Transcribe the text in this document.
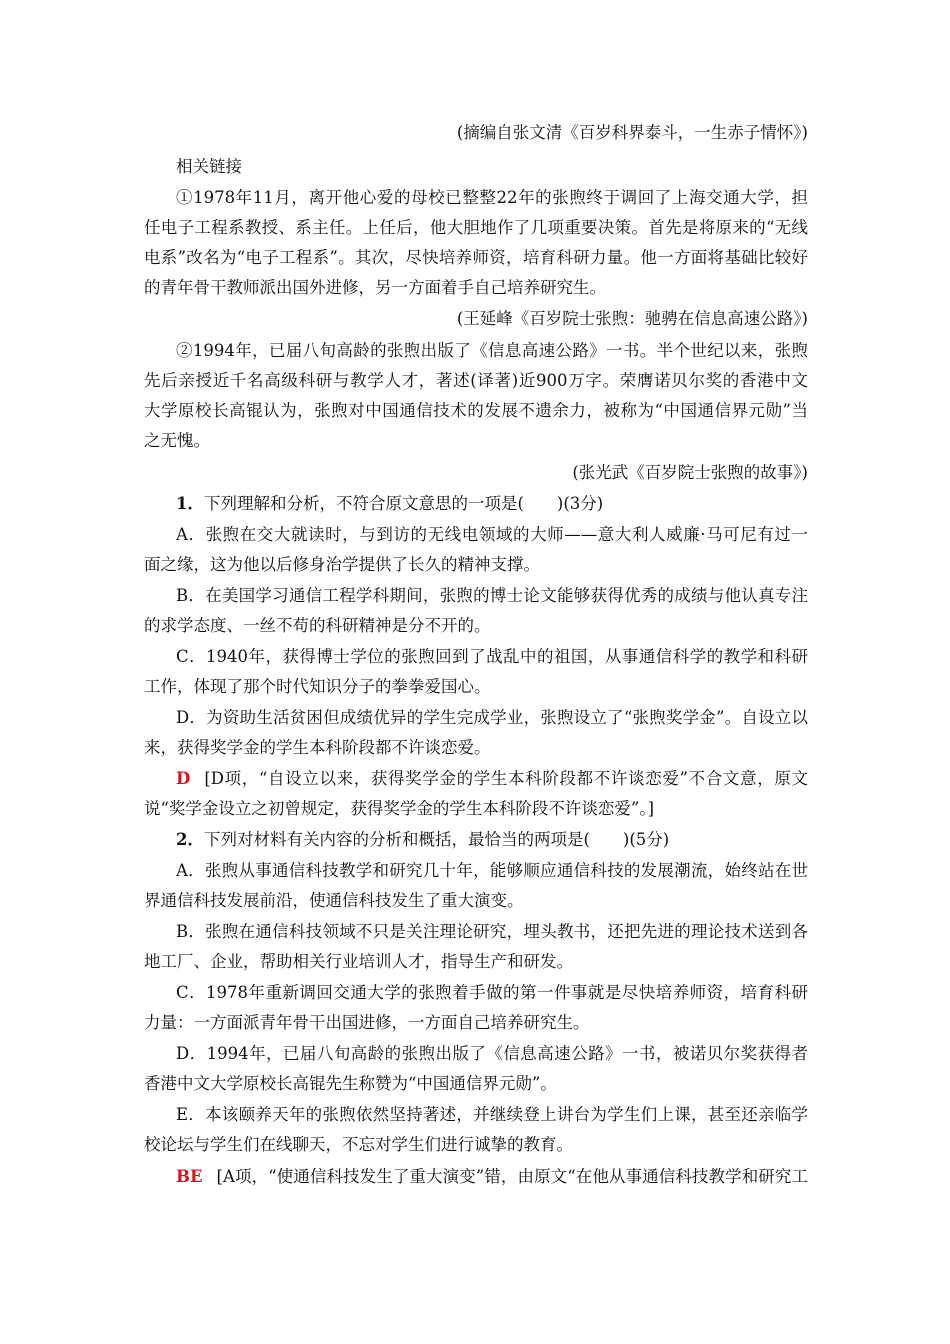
(摘编自张文清《百岁科界泰斗，一生赤子情怀》)
相关链接
①1978年11月，离开他心爱的母校已整整22年的张煦终于调回了上海交通大学，担
任电子工程系教授、系主任。上任后，他大胆地作了几项重要决策。首先是将原来的“无线
电系”改名为“电子工程系”。其次，尽快培养师资，培育科研力量。他一方面将基础比较好
的青年骨干教师派出国外进修，另一方面着手自己培养研究生。
(王延峰《百岁院士张煦：驰骋在信息高速公路》)
②1994年，已届八旬高龄的张煦出版了《信息高速公路》一书。半个世纪以来，张煦
先后亲授近千名高级科研与教学人才，著述(译著)近900万字。荣膺诺贝尔奖的香港中文
大学原校长高锟认为，张煦对中国通信技术的发展不遗余力，被称为“中国通信界元勋”当
之无愧。
(张光武《百岁院士张煦的故事》)
1．下列理解和分析，不符合原文意思的一项是(　　)(3分)
A．张煦在交大就读时，与到访的无线电领域的大师——意大利人威廉·马可尼有过一
面之缘，这为他以后修身治学提供了长久的精神支撑。
B．在美国学习通信工程学科期间，张煦的博士论文能够获得优秀的成绩与他认真专注
的求学态度、一丝不苟的科研精神是分不开的。
C．1940年，获得博士学位的张煦回到了战乱中的祖国，从事通信科学的教学和科研
工作，体现了那个时代知识分子的拳拳爱国心。
D．为资助生活贫困但成绩优异的学生完成学业，张煦设立了“张煦奖学金”。自设立以
来，获得奖学金的学生本科阶段都不许谈恋爱。
D [D项，“自设立以来，获得奖学金的学生本科阶段都不许谈恋爱”不合文意，原文
说“奖学金设立之初曾规定，获得奖学金的学生本科阶段不许谈恋爱”。]
2．下列对材料有关内容的分析和概括，最恰当的两项是(　　)(5分)
A．张煦从事通信科技教学和研究几十年，能够顺应通信科技的发展潮流，始终站在世
界通信科技发展前沿，使通信科技发生了重大演变。
B．张煦在通信科技领域不只是关注理论研究，埋头教书，还把先进的理论技术送到各
地工厂、企业，帮助相关行业培训人才，指导生产和研发。
C．1978年重新调回交通大学的张煦着手做的第一件事就是尽快培养师资，培育科研
力量：一方面派青年骨干出国进修，一方面自己培养研究生。
D．1994年，已届八旬高龄的张煦出版了《信息高速公路》一书，被诺贝尔奖获得者
香港中文大学原校长高锟先生称赞为“中国通信界元勋”。
E．本该颐养天年的张煦依然坚持著述，并继续登上讲台为学生们上课，甚至还亲临学
校论坛与学生们在线聊天，不忘对学生们进行诚挚的教育。
BE [A项，“使通信科技发生了重大演变”错，由原文“在他从事通信科技教学和研究工
